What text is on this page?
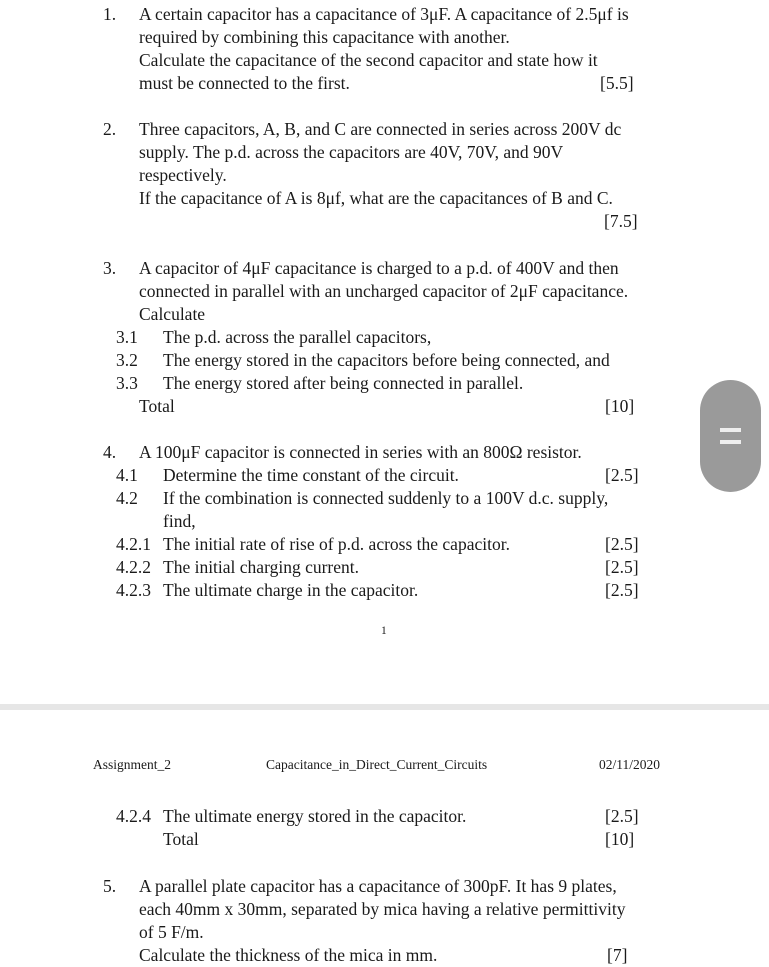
1. A certain capacitor has a capacitance of 3μF. A capacitance of 2.5μf is
required by combining this capacitance with another.
Calculate the capacitance of the second capacitor and state how it
must be connected to the first.	[5.5]
2. Three capacitors, A, B, and C are connected in series across 200V dc
supply. The p.d. across the capacitors are 40V, 70V, and 90V
respectively.
If the capacitance of A is 8μf, what are the capacitances of B and C.
[7.5]
3. A capacitor of 4μF capacitance is charged to a p.d. of 400V and then
connected in parallel with an uncharged capacitor of 2μF capacitance.
Calculate
3.1 The p.d. across the parallel capacitors,
3.2 The energy stored in the capacitors before being connected, and
3.3 The energy stored after being connected in parallel.
Total	[10]
4. A 100μF capacitor is connected in series with an 800Ω resistor.
4.1 Determine the time constant of the circuit.	[2.5]
4.2 If the combination is connected suddenly to a 100V d.c. supply,
find,
4.2.1 The initial rate of rise of p.d. across the capacitor.	[2.5]
4.2.2 The initial charging current.	[2.5]
4.2.3 The ultimate charge in the capacitor.	[2.5]
1
Assignment_2	Capacitance_in_Direct_Current_Circuits	02/11/2020
4.2.4 The ultimate energy stored in the capacitor.	[2.5]
Total	[10]
5. A parallel plate capacitor has a capacitance of 300pF. It has 9 plates,
each 40mm x 30mm, separated by mica having a relative permittivity
of 5 F/m.
Calculate the thickness of the mica in mm.	[7]
